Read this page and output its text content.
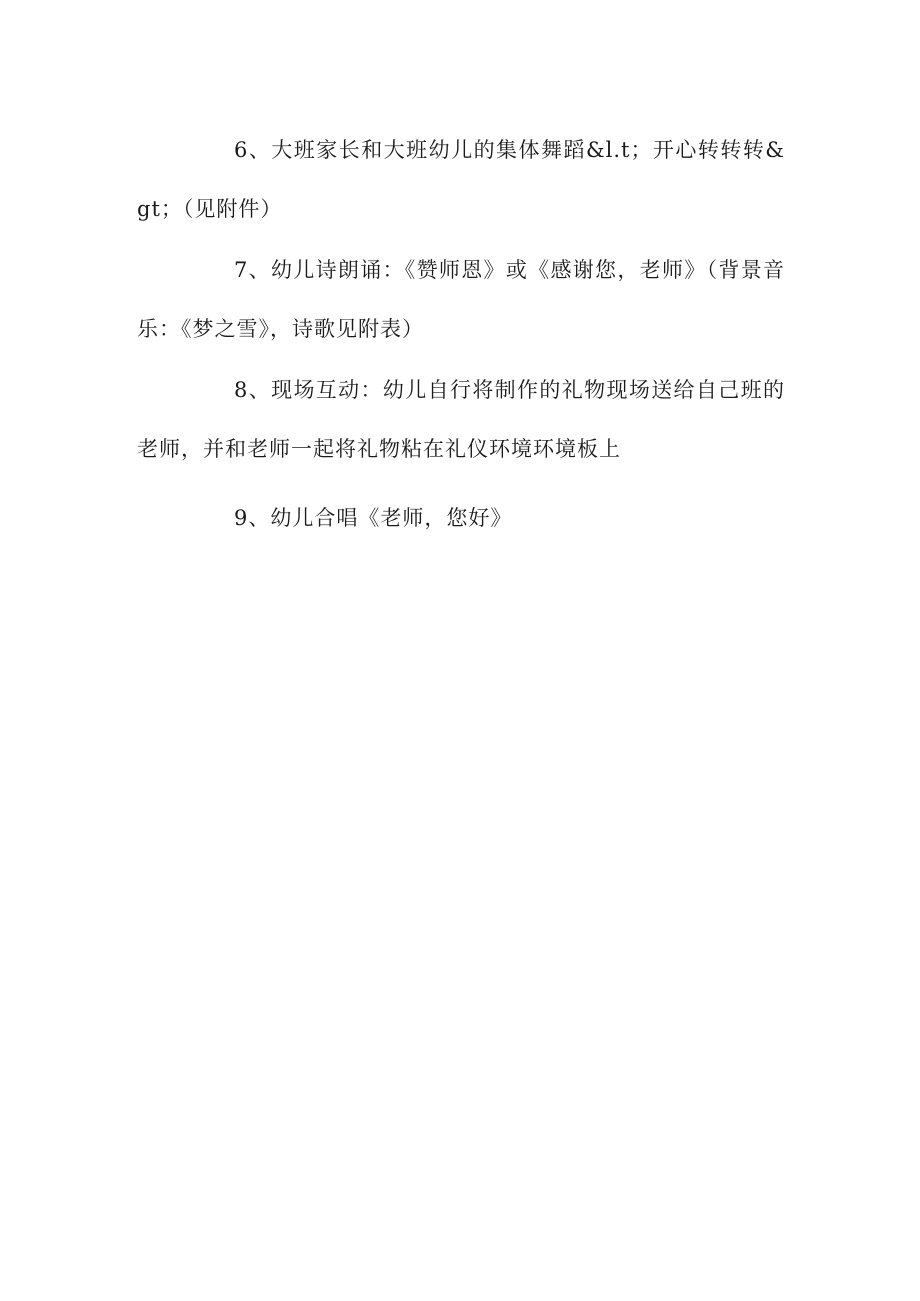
6、大班家长和大班幼儿的集体舞蹈&l.t；开心转转转&gt；（见附件）

7、幼儿诗朗诵：《赞师恩》或《感谢您，老师》（背景音乐：《梦之雪》，诗歌见附表）

8、现场互动：幼儿自行将制作的礼物现场送给自己班的老师，并和老师一起将礼物粘在礼仪环境环境板上

9、幼儿合唱《老师，您好》
